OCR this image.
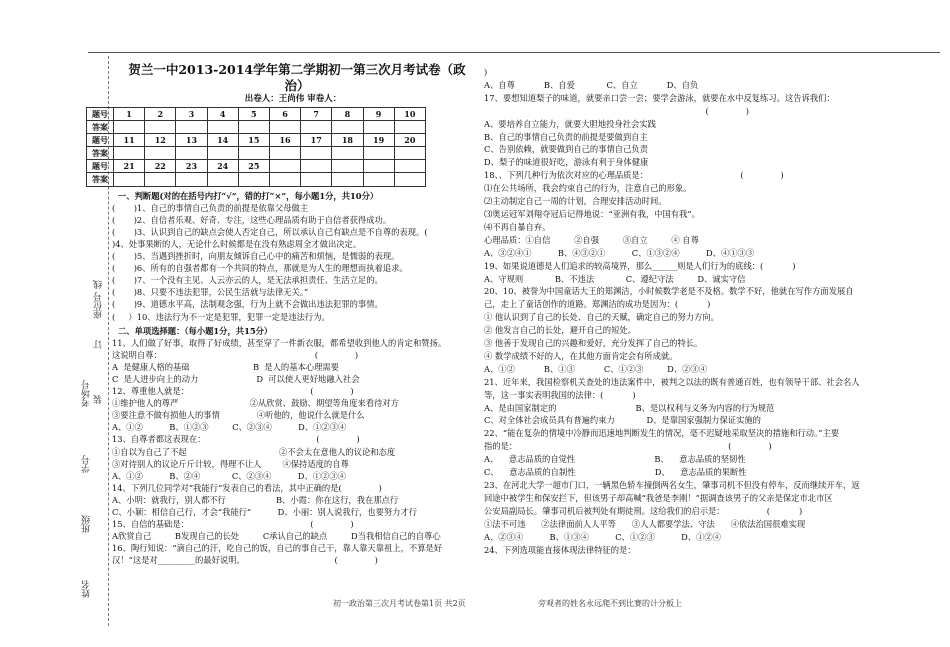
座位号
线
订
考场号 装
学号
班级
姓名
贺兰一中2013-2014学年第二学期初一第三次月考试卷（政治）
出卷人：王尚伟 审卷人：
题号	1	2	3	4	5	6	7	8	9	10
答案										
题号	11	12	13	14	15	16	17	18	19	20
答案										
题号	21	22	23	24	25					
答案										
一、判断题(对的在括号内打“√”，错的打“×”，每小题1分，共10分）
(       )1、自己的事情自己负责的前提是依靠父母做主
(       )2、自信者乐观、好奇、专注，这些心理品质有助于自信者获得成功。
(       )3、认识到自己的缺点会使人否定自己，所以承认自己有缺点是不自尊的表现。(
)4、处事果断的人，无论什么时候都是在没有熟虑周全才做出决定。
(       )5、当遇到挫折时，向朋友倾诉自己心中的痛苦和烦恼，是懦弱的表现。
(       )6、所有的自强者都有一个共同的特点，那就是为人生的理想而执着追求。
(       )7、一个没有主见、人云亦云的人，是无法承担责任、生活立足的。
(       )8、只要不违法犯罪，公民生活就与法律无关。”
(       )9、道德水平高，法制观念强，行为上就不会做出违法犯罪的事情。
(     ）10、违法行为不一定是犯罪，犯罪一定是违法行为。
二、单项选择题：（每小题1分，共15分）
11、人们做了好事，取得了好成绩，甚至穿了一件新衣服，都希望收到他人的肯定和赞扬。
这说明自尊：                                                          (              )
A  是健康人格的基础                        B  是人的基本心理需要
C  是人进步向上的动力                      D  可以使人更好地融入社会
12、尊重他人就是：                                              (              )
①维护他人的尊严                           ②从欣赏、鼓励、期望等角度来看待对方
③要注意不做有损他人的事情              ④听他的，他说什么就是什么
A、①②          B、①②③         C、②③④          D、①②③④
13、自尊者都这表现在：                                          (              )
①自以为自己了不起                                   ②不会太在意他人的议论和态度
③对待别人的议论斤斤计较，得理不让人        ④保持适度的自尊
A、①②          B、②④            C、②③④          D、①②③④
14、下列几位同学对“我能行”发表自己的看法，其中正确的是(              )
A、小明：就我行，别人都不行                   B、小霞：你在这行，我在那点行
C、小颖：相信自己行，才会“我能行”          D、小丽：别人说我行，也要努力才行
15、自信的基础是：                                              (              )
A欣赏自己         B发现自己的长处         C承认自己的缺点         D当我相信自己的自尊心
16、陶行知说：“滴自己的汗，吃自己的饭，自己的事自己干，靠人靠天靠祖上，不算是好
汉！”这是对_________的最好说明。                                  (              )
)
A、自尊           B、自爱            C、自立           D、自负
17、要想知道梨子的味道，就要亲口尝一尝；要学会游泳，就要在水中反复练习。这告诉我们：
(              )
A、要培养自立能力，就要大胆地投身社会实践
B、自己的事情自己负责的前提是要做到自主
C、告别依赖，就要做到自己的事情自己负责
D、梨子的味道很好吃，游泳有利于身体健康
18、、下列几种行为依次对应的心理品质是：                                   (              )
⑴在公共场所，我会约束自己的行为，注意自己的形象。
⑵主动制定自己一周的计划，合理安排活动时间。
⑶奥运冠军刘翔夺冠后记得地说：“亚洲有我，中国有我”。
⑷不再自暴自弃。
心理品质：①自信         ②自强         ③自立         ④ 自尊
A、③②④①          B、④③②①          C、①③②④          D、④①③③
19、如果说道德是人们追求的较高境界，那么______则是人们行为的底线：(           )
A、守规则            B、不违法            C、遵纪守法         D、诚实守信
20、10、被誉为中国童话大王的郑渊洁，小时候数学老是不及格。数学不好，他就在写作方面发展自
己，走上了童话创作的道路。郑渊洁的成功是因为：(           )
① 他认识到了自己的长处、自己的天赋，确定自己的努力方向。
② 他发言自己的长处，避开自己的短处。
③ 他善于发现自己的兴趣和爱好，充分发挥了自己的特长。
④ 数学成绩不好的人，在其他方面肯定会有所成就。
A、①②           B、①③           C、①②③         D、②③④
21、近年来，我国检察机关查处的违法案件中，被判之以法的既有普通百姓，也有领导干部、社会名人
等，这一事实表明我国的法律：(           )
A、是由国家制定的                              B、是以权利与义务为内容的行为规范
C、对全体社会成员具有普遍约束力            D、是靠国家强制力保证实施的
22、“能在复杂的情境中冷静而迅速地判断发生的情况，毫不迟疑地采取坚决的措施和行动。”主要
指的是：                                                                                (              )
A、    意志品质的自觉性                              B、    意志品质的坚韧性
C、    意志品质的自制性                              D、    意志品质的果断性
23、在河北大学一超市门口，一辆黑色轿车撞倒两名女生，肇事司机不但没有停车，反而继续开车，返
回途中被学生和保安拦下，但该男子却高喊“我爸是李刚！”据调查该男子的父亲是保定市北市区
公安局副局长。肇事司机后被判处有期徒刑。这给我们的启示是：                (           )
①法不可违      ②法律面前人人平等      ③人人都要学法、守法      ④依法治国很难实现
A、②③④          B、①③④          C、①②③          D、①②④
24、下列选项能直接体现法律特征的是：
初一政治第三次月考试卷第1页 共2页	旁观者的姓名永远爬不到比赛的计分板上
